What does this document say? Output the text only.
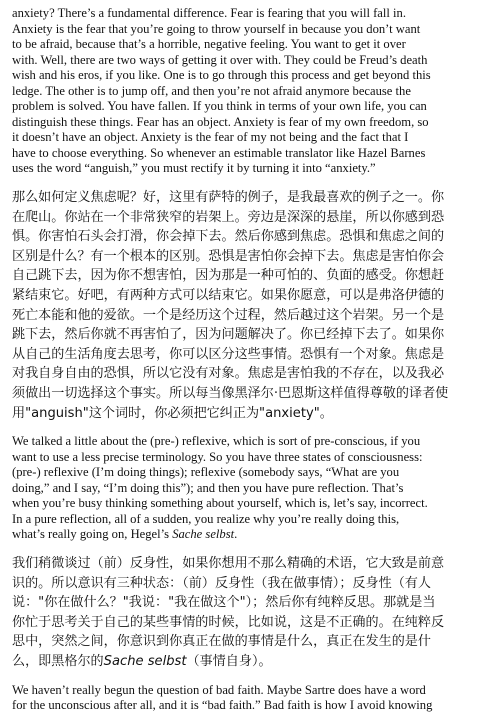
anxiety? There’s a fundamental difference. Fear is fearing that you will fall in.
Anxiety is the fear that you’re going to throw yourself in because you don’t want
to be afraid, because that’s a horrible, negative feeling. You want to get it over
with. Well, there are two ways of getting it over with. They could be Freud’s death
wish and his eros, if you like. One is to go through this process and get beyond this
ledge. The other is to jump off, and then you’re not afraid anymore because the
problem is solved. You have fallen. If you think in terms of your own life, you can
distinguish these things. Fear has an object. Anxiety is fear of my own freedom, so
it doesn’t have an object. Anxiety is the fear of my not being and the fact that I
have to choose everything. So whenever an estimable translator like Hazel Barnes
uses the word “anguish,” you must rectify it by turning it into “anxiety.”

那么如何定义焦虑呢？好，这里有萨特的例子，是我最喜欢的例子之一。你
在爬山。你站在一个非常狭窄的岩架上。旁边是深深的悬崖，所以你感到恐
惧。你害怕石头会打滑，你会掉下去。然后你感到焦虑。恐惧和焦虑之间的
区别是什么？有一个根本的区别。恐惧是害怕你会掉下去。焦虑是害怕你会
自己跳下去，因为你不想害怕，因为那是一种可怕的、负面的感受。你想赶
紧结束它。好吧，有两种方式可以结束它。如果你愿意，可以是弗洛伊德的
死亡本能和他的爱欲。一个是经历这个过程，然后越过这个岩架。另一个是
跳下去，然后你就不再害怕了，因为问题解决了。你已经掉下去了。如果你
从自己的生活角度去思考，你可以区分这些事情。恐惧有一个对象。焦虑是
对我自身自由的恐惧，所以它没有对象。焦虑是害怕我的不存在，以及我必
须做出一切选择这个事实。所以每当像黑泽尔·巴恩斯这样值得尊敬的译者使
用"anguish"这个词时，你必须把它纠正为"anxiety"。

We talked a little about the (pre-) reflexive, which is sort of pre-conscious, if you
want to use a less precise terminology. So you have three states of consciousness:
(pre-) reflexive (I’m doing things); reflexive (somebody says, “What are you
doing,” and I say, “I’m doing this”); and then you have pure reflection. That’s
when you’re busy thinking something about yourself, which is, let’s say, incorrect.
In a pure reflection, all of a sudden, you realize why you’re really doing this,
what’s really going on, Hegel’s Sache selbst.

我们稍微谈过（前）反身性，如果你想用不那么精确的术语，它大致是前意
识的。所以意识有三种状态：（前）反身性（我在做事情）；反身性（有人
说："你在做什么？"我说："我在做这个"）；然后你有纯粹反思。那就是当
你忙于思考关于自己的某些事情的时候，比如说，这是不正确的。在纯粹反
思中，突然之间，你意识到你真正在做的事情是什么，真正在发生的是什
么，即黑格尔的Sache selbst（事情自身）。

We haven’t really begun the question of bad faith. Maybe Sartre does have a word
for the unconscious after all, and it is “bad faith.” Bad faith is how I avoid knowing
